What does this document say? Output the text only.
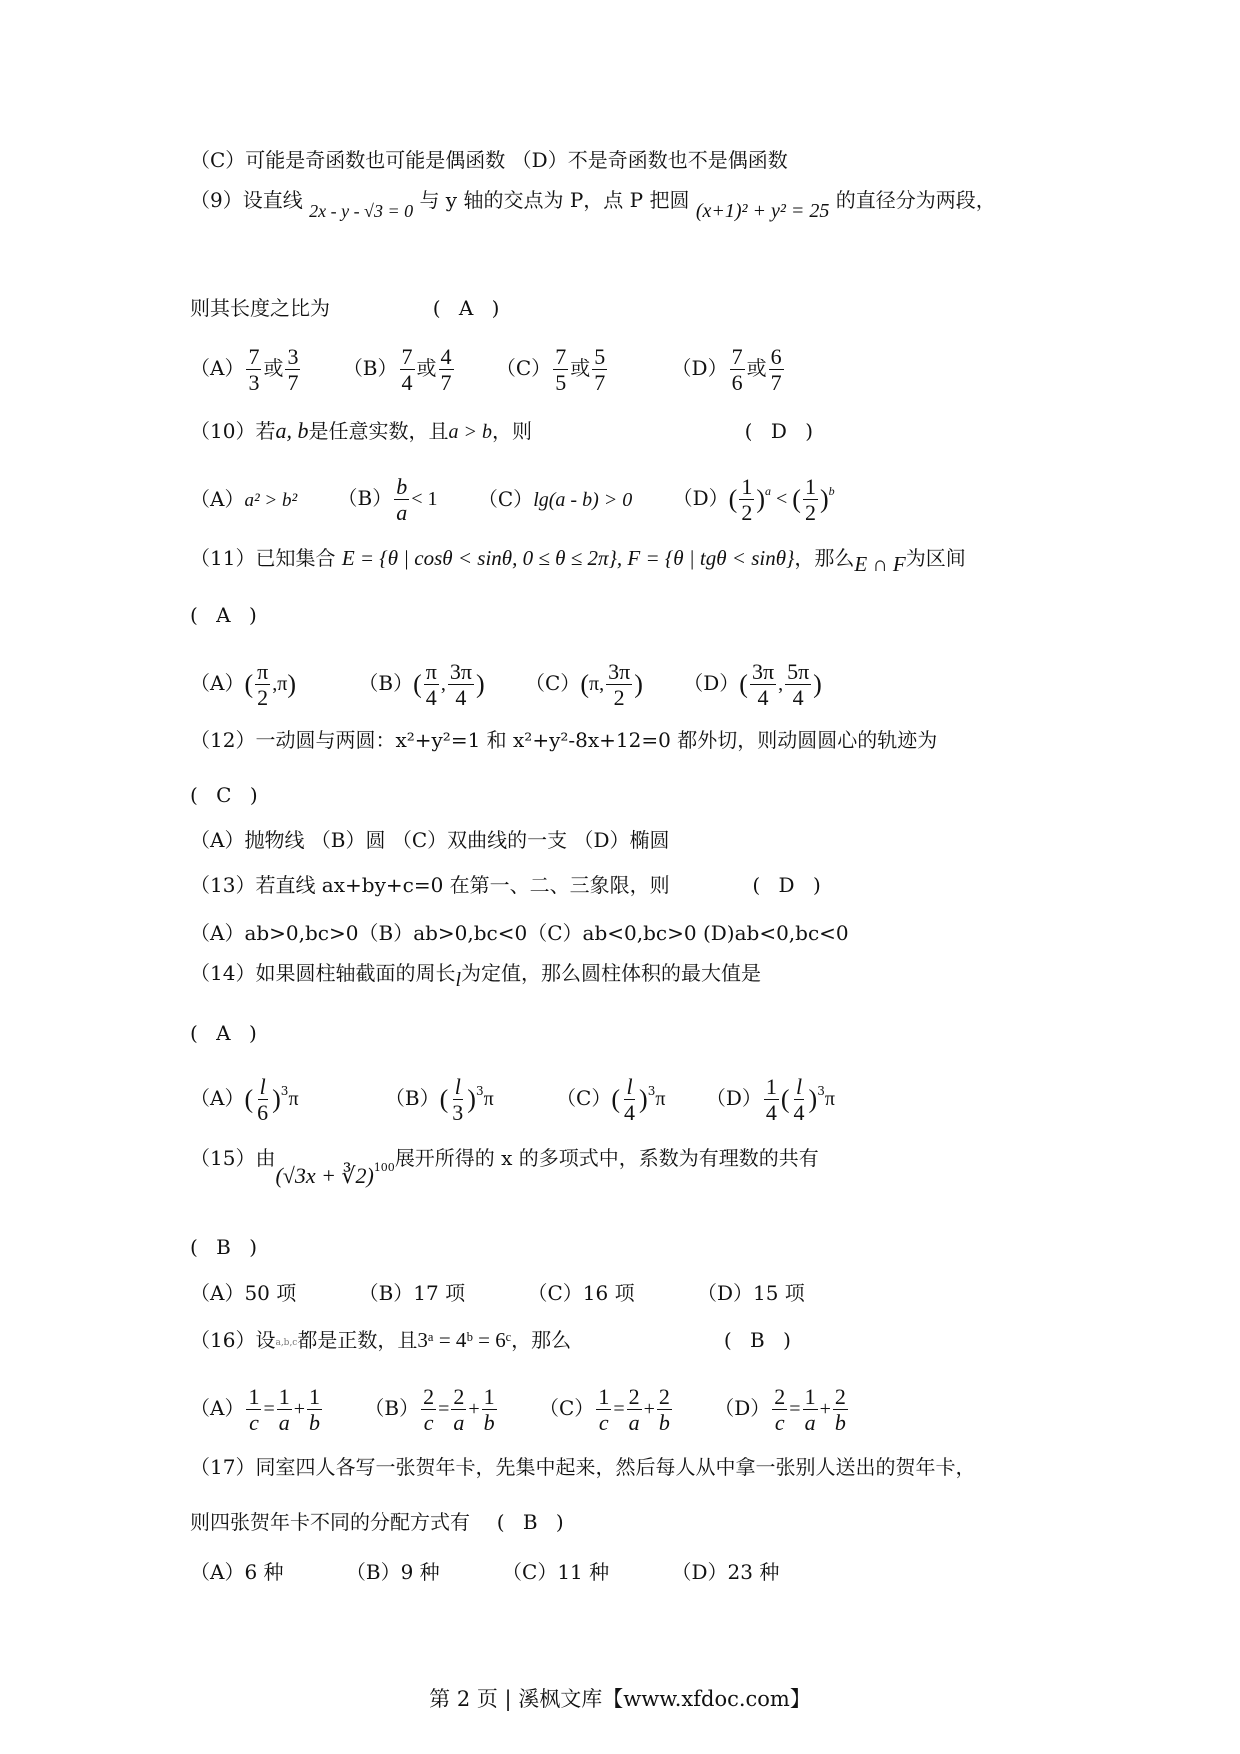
（C）可能是奇函数也可能是偶函数 （D）不是奇函数也不是偶函数
（9）设直线 2x - y - √3 = 0 与 y 轴的交点为 P，点 P 把圆 (x+1)² + y² = 25 的直径分为两段，
则其长度之比为	( A )
$(A) \frac{7}{3}$ 或 $\frac{3}{7} (B) \frac{7}{4}$ 或 $\frac{4}{7} (C) \frac{7}{5}$ 或 $\frac{5}{7}$	$(D) \frac{7}{6}$ 或 $\frac{6}{7}$
（10）若a, b是任意实数，且a > b，则	( D )
（A）a² > b² $(B) \frac{b}{a} < 1$ （C）lg(a - b) > 0 $(D)( \frac{1}{2} )^a$ < ( $\frac{1}{2} )^b$
（11）已知集合 E = {θ | cosθ < sinθ, 0 ≤ θ ≤ 2π}, F = {θ | tgθ < sinθ}，那么E ∩ F为区间
( A )
$(A)( \frac{\pi}{2} ,\pi)$	$(B)( \frac{\pi}{4}$ , $\frac{3\pi}{4}$ ) （C）(π, $\frac{3\pi}{2}$ ) $(D)( \frac{3\pi}{4}$ , $\frac{5\pi}{4}$ )
（12）一动圆与两圆：x²+y²=1 和 x²+y²-8x+12=0 都外切，则动圆圆心的轨迹为
( C )
（A）抛物线 （B）圆 （C）双曲线的一支 （D）椭圆
（13）若直线 ax+by+c=0 在第一、二、三象限，则	( D )
（A）ab>0,bc>0（B）ab>0,bc<0（C）ab<0,bc>0 (D)ab<0,bc<0
（14）如果圆柱轴截面的周长l为定值，那么圆柱体积的最大值是
( A )
$(A)( \frac{l}{6} )^3\pi$	$(B)( \frac{l}{3} )^3\pi$	$(C)( \frac{l}{4} )^3\pi$ $(D) \frac{1}{4}$ ( $\frac{l}{4} )^3\pi$
（15）由$(√3x + ∛2)_{100}$展开所得的 x 的多项式中，系数为有理数的共有
( B )
（A）50 项	（B）17 项	（C）16 项	（D）15 项
（16）设a,b,c都是正数，且3ᵃ = 4ᵇ = 6ᶜ，那么	( B )
$(A) \frac{1}{c} = \frac{1}{a} + \frac{1}{b} (B) \frac{2}{c} = \frac{2}{a} + \frac{1}{b} (C) \frac{1}{c} = \frac{2}{a} + \frac{2}{b} (D) \frac{2}{c} = \frac{1}{a} + \frac{2}{b}$
（17）同室四人各写一张贺年卡，先集中起来，然后每人从中拿一张别人送出的贺年卡，
则四张贺年卡不同的分配方式有 ( B )
（A）6 种	（B）9 种	（C）11 种	（D）23 种
第 2 页 | 溪枫文库【www.xfdoc.com】
